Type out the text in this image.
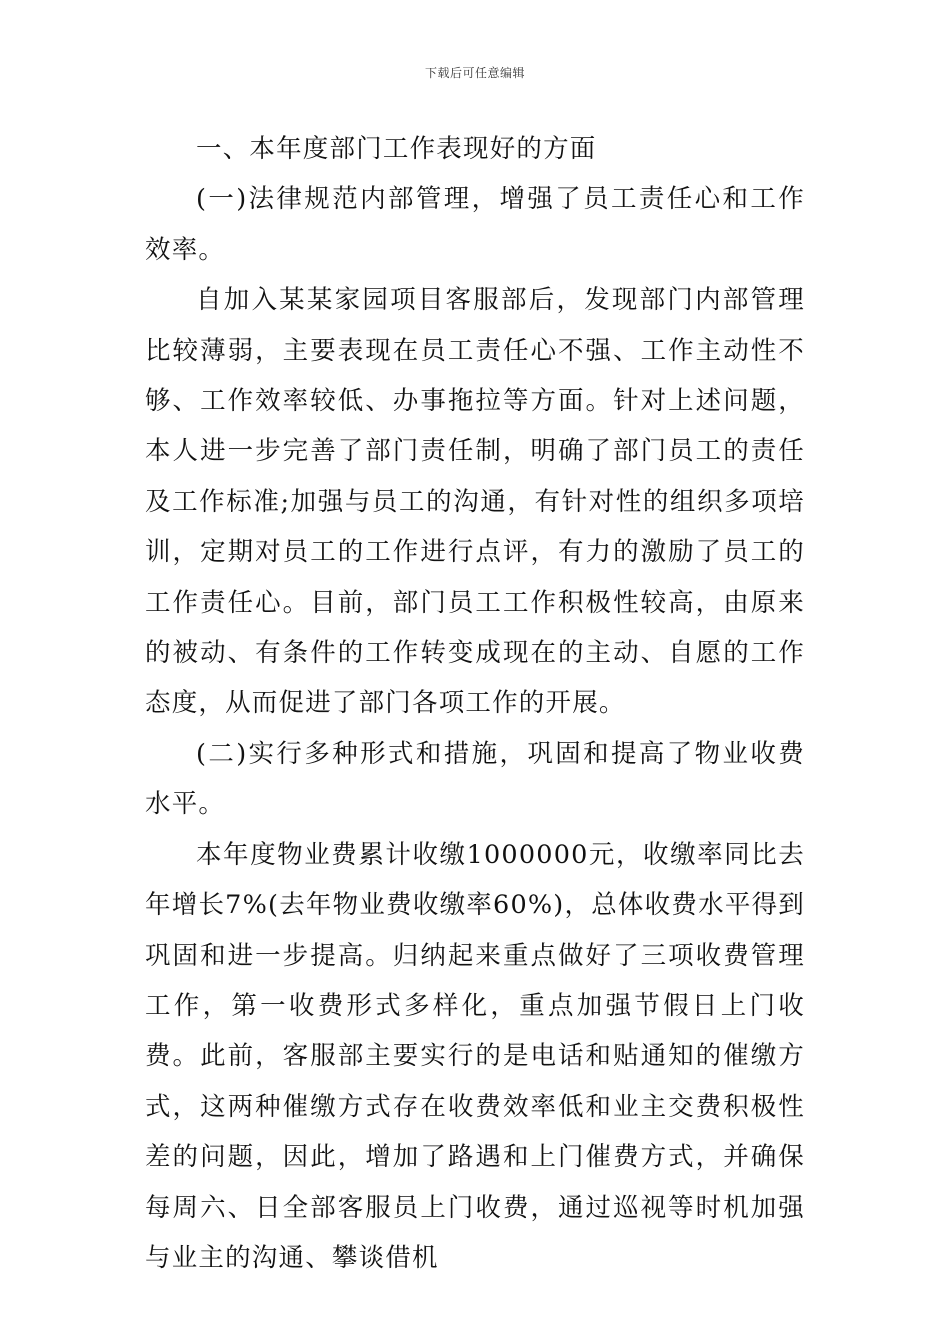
下载后可任意编辑

一、本年度部门工作表现好的方面

(一)法律规范内部管理，增强了员工责任心和工作效率。

自加入某某家园项目客服部后，发现部门内部管理比较薄弱，主要表现在员工责任心不强、工作主动性不够、工作效率较低、办事拖拉等方面。针对上述问题，本人进一步完善了部门责任制，明确了部门员工的责任及工作标准;加强与员工的沟通，有针对性的组织多项培训，定期对员工的工作进行点评，有力的激励了员工的工作责任心。目前，部门员工工作积极性较高，由原来的被动、有条件的工作转变成现在的主动、自愿的工作态度，从而促进了部门各项工作的开展。

(二)实行多种形式和措施，巩固和提高了物业收费水平。

本年度物业费累计收缴1000000元，收缴率同比去年增长7%(去年物业费收缴率60%)，总体收费水平得到巩固和进一步提高。归纳起来重点做好了三项收费管理工作，第一收费形式多样化，重点加强节假日上门收费。此前，客服部主要实行的是电话和贴通知的催缴方式，这两种催缴方式存在收费效率低和业主交费积极性差的问题，因此，增加了路遇和上门催费方式，并确保每周六、日全部客服员上门收费，通过巡视等时机加强与业主的沟通、攀谈借机
